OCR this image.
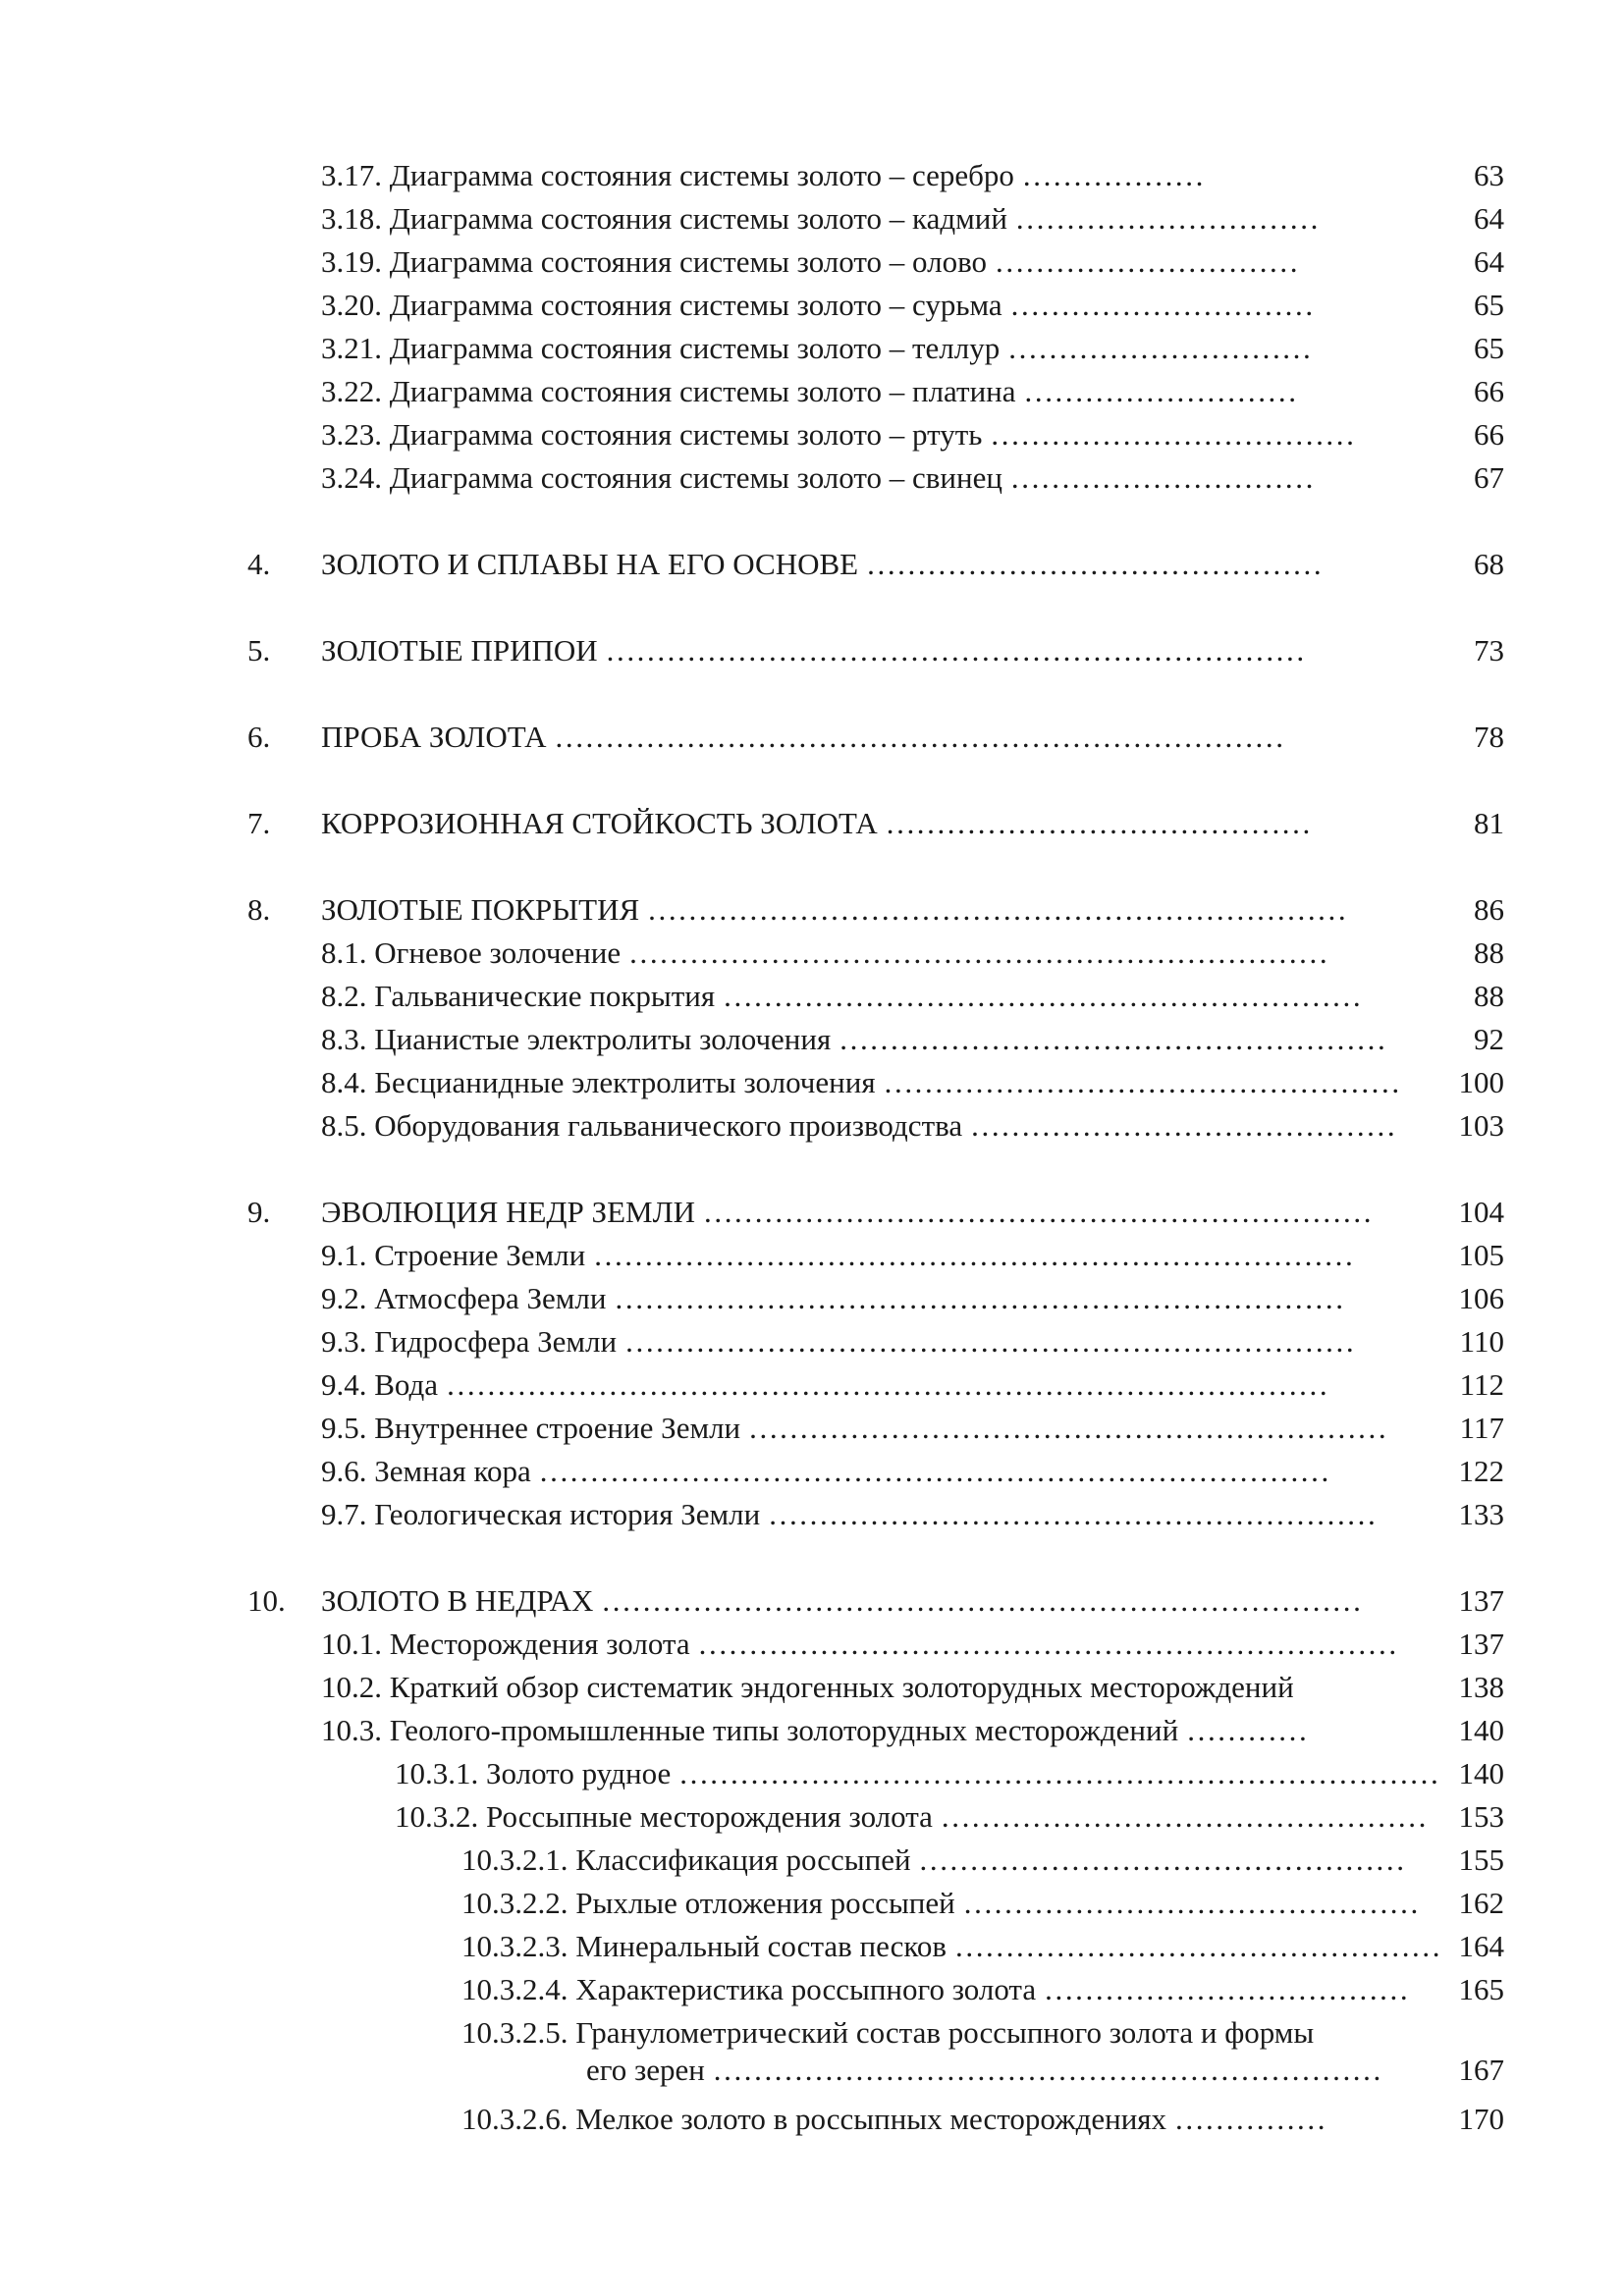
3.17. Диаграмма состояния системы золото – серебро ………………	63
3.18. Диаграмма состояния системы золото – кадмий …………………………	64
3.19. Диаграмма состояния системы золото – олово …………………………	64
3.20. Диаграмма состояния системы золото – сурьма …………………………	65
3.21. Диаграмма состояния системы золото – теллур …………………………	65
3.22. Диаграмма состояния системы золото – платина ………………………	66
3.23. Диаграмма состояния системы золото – ртуть ………………………………	66
3.24. Диаграмма состояния системы золото – свинец …………………………	67
4. ЗОЛОТО И СПЛАВЫ НА ЕГО ОСНОВЕ ………………………………………	68
5. ЗОЛОТЫЕ ПРИПОИ ……………………………………………………………	73
6. ПРОБА ЗОЛОТА ………………………………………………………………	78
7. КОРРОЗИОННАЯ СТОЙКОСТЬ ЗОЛОТА ……………………………………	81
8. ЗОЛОТЫЕ ПОКРЫТИЯ ……………………………………………………………	86
8.1. Огневое золочение ……………………………………………………………	88
8.2. Гальванические покрытия ………………………………………………………	88
8.3. Цианистые электролиты золочения ………………………………………………	92
8.4. Бесцианидные электролиты золочения ……………………………………………	100
8.5. Оборудования гальванического производства ……………………………………	103
9. ЭВОЛЮЦИЯ НЕДР ЗЕМЛИ …………………………………………………………	104
9.1. Строение Земли …………………………………………………………………	105
9.2. Атмосфера Земли ………………………………………………………………	106
9.3. Гидросфера Земли ………………………………………………………………	110
9.4. Вода ……………………………………………………………………………	112
9.5. Внутреннее строение Земли ………………………………………………………	117
9.6. Земная кора ……………………………………………………………………	122
9.7. Геологическая история Земли ……………………………………………………	133
10. ЗОЛОТО В НЕДРАХ …………………………………………………………………	137
10.1. Месторождения золота ……………………………………………………………	137
10.2. Краткий обзор систематик эндогенных золоторудных месторождений	138
10.3. Геолого-промышленные типы золоторудных месторождений …………	140
10.3.1. Золото рудное ………………………………………………………………… 140
10.3.2. Россыпные месторождения золота …………………………………………	153
10.3.2.1. Классификация россыпей …………………………………………	155
10.3.2.2. Рыхлые отложения россыпей ………………………………………	162
10.3.2.3. Минеральный состав песков ………………………………………… 164
10.3.2.4. Характеристика россыпного золота ………………………………	165
10.3.2.5. Гранулометрический состав россыпного золота и формы
его зерен …………………………………………………………	167
10.3.2.6. Мелкое золото в россыпных месторождениях ……………	170
